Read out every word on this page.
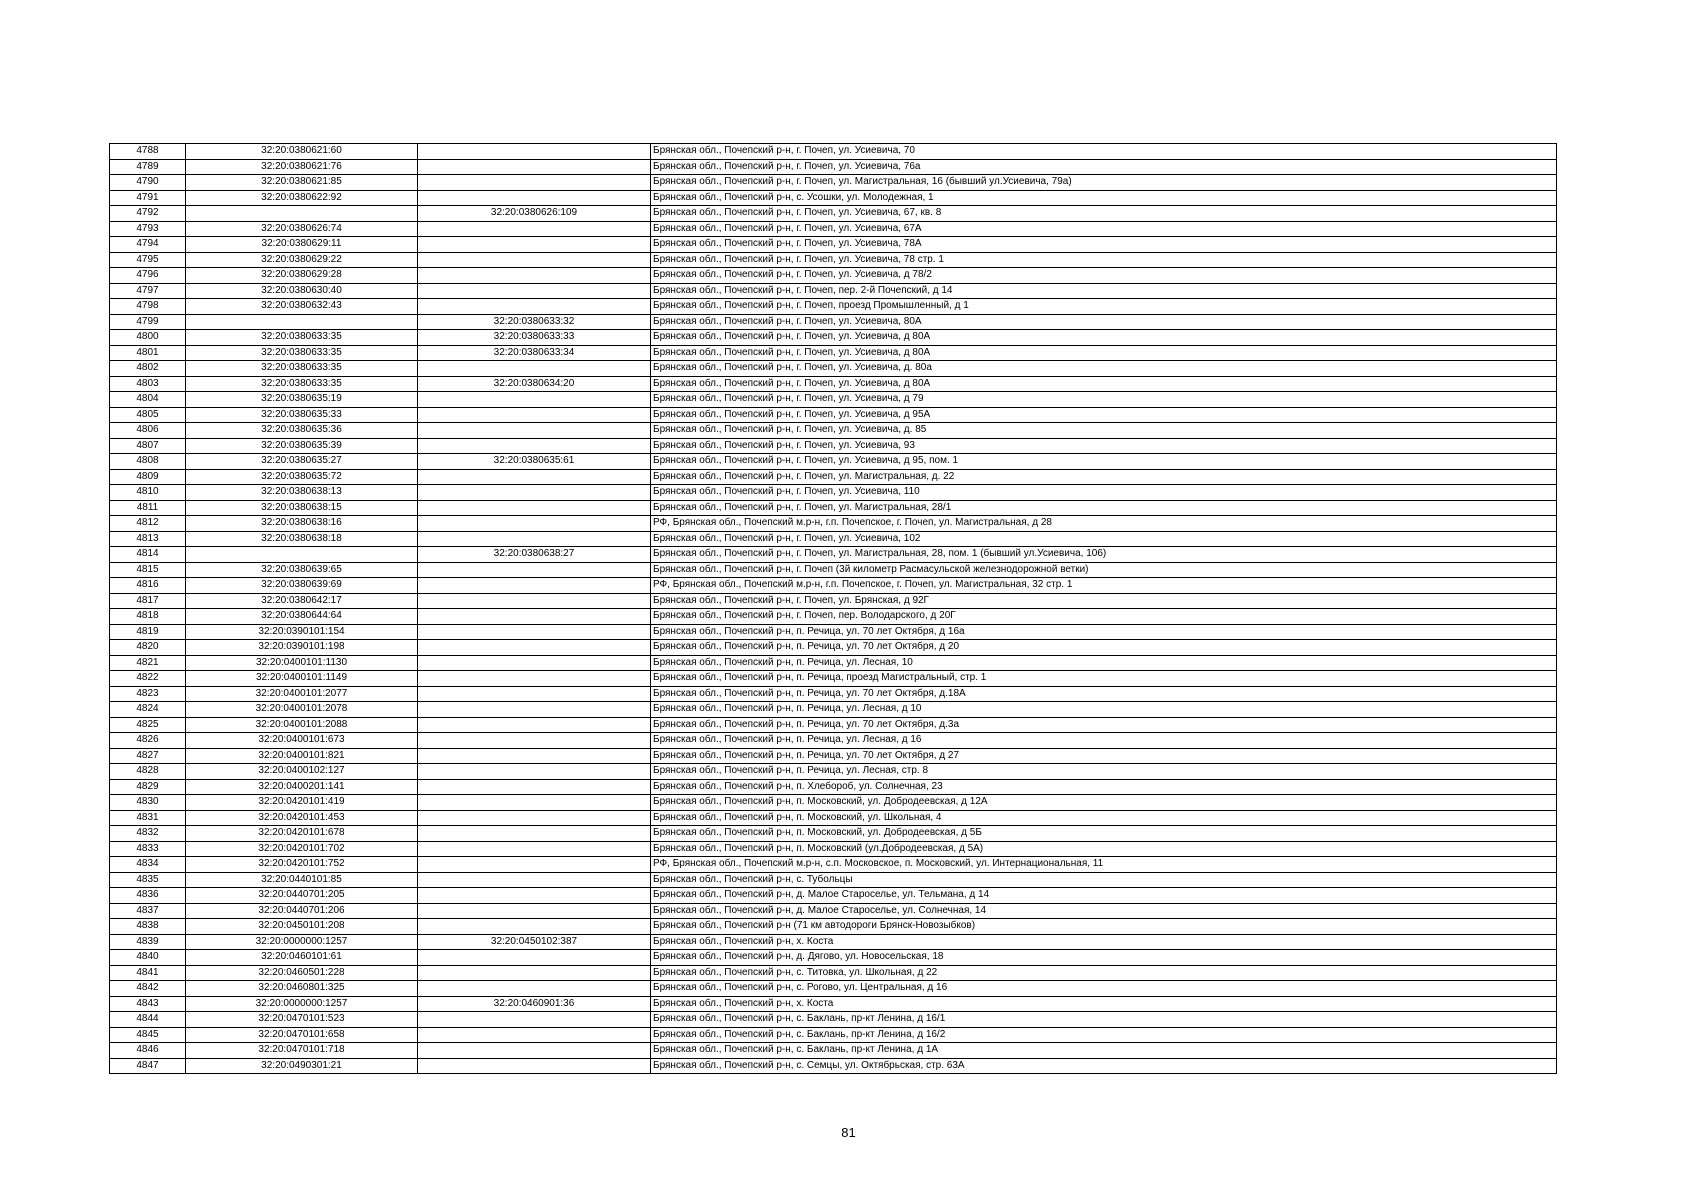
4788	32:20:0380621:60		Брянская обл., Почепский р-н, г. Почеп, ул. Усиевича, 70
4789	32:20:0380621:76		Брянская обл., Почепский р-н, г. Почеп, ул. Усиевича, 76а
4790	32:20:0380621:85		Брянская обл., Почепский р-н, г. Почеп, ул. Магистральная, 16 (бывший ул.Усиевича, 79а)
4791	32:20:0380622:92		Брянская обл., Почепский р-н, с. Усошки, ул. Молодежная, 1
4792		32:20:0380626:109	Брянская обл., Почепский р-н, г. Почеп, ул. Усиевича, 67, кв. 8
4793	32:20:0380626:74		Брянская обл., Почепский р-н, г. Почеп, ул. Усиевича, 67А
4794	32:20:0380629:11		Брянская обл., Почепский р-н, г. Почеп, ул. Усиевича, 78А
4795	32:20:0380629:22		Брянская обл., Почепский р-н, г. Почеп, ул. Усиевича, 78 стр. 1
4796	32:20:0380629:28		Брянская обл., Почепский р-н, г. Почеп, ул. Усиевича, д 78/2
4797	32:20:0380630:40		Брянская обл., Почепский р-н, г. Почеп, пер. 2-й Почепский, д 14
4798	32:20:0380632:43		Брянская обл., Почепский р-н, г. Почеп, проезд Промышленный, д 1
4799		32:20:0380633:32	Брянская обл., Почепский р-н, г. Почеп, ул. Усиевича, 80А
4800	32:20:0380633:35	32:20:0380633:33	Брянская обл., Почепский р-н, г. Почеп, ул. Усиевича, д 80А
4801	32:20:0380633:35	32:20:0380633:34	Брянская обл., Почепский р-н, г. Почеп, ул. Усиевича, д 80А
4802	32:20:0380633:35		Брянская обл., Почепский р-н, г. Почеп, ул. Усиевича, д. 80а
4803	32:20:0380633:35	32:20:0380634:20	Брянская обл., Почепский р-н, г. Почеп, ул. Усиевича, д 80А
4804	32:20:0380635:19		Брянская обл., Почепский р-н, г. Почеп, ул. Усиевича, д 79
4805	32:20:0380635:33		Брянская обл., Почепский р-н, г. Почеп, ул. Усиевича, д 95А
4806	32:20:0380635:36		Брянская обл., Почепский р-н, г. Почеп, ул. Усиевича, д. 85
4807	32:20:0380635:39		Брянская обл., Почепский р-н, г. Почеп, ул. Усиевича, 93
4808	32:20:0380635:27	32:20:0380635:61	Брянская обл., Почепский р-н, г. Почеп, ул. Усиевича, д 95, пом. 1
4809	32:20:0380635:72		Брянская обл., Почепский р-н, г. Почеп, ул. Магистральная, д. 22
4810	32:20:0380638:13		Брянская обл., Почепский р-н, г. Почеп, ул. Усиевича, 110
4811	32:20:0380638:15		Брянская обл., Почепский р-н, г. Почеп, ул. Магистральная, 28/1
4812	32:20:0380638:16		РФ, Брянская обл., Почепский м.р-н, г.п. Почепское, г. Почеп, ул. Магистральная, д 28
4813	32:20:0380638:18		Брянская обл., Почепский р-н, г. Почеп, ул. Усиевича, 102
4814		32:20:0380638:27	Брянская обл., Почепский р-н, г. Почеп, ул. Магистральная, 28, пом. 1 (бывший ул.Усиевича, 106)
4815	32:20:0380639:65		Брянская обл., Почепский р-н, г. Почеп (3й километр Расмасульской железнодорожной ветки)
4816	32:20:0380639:69		РФ, Брянская обл., Почепский м.р-н, г.п. Почепское, г. Почеп, ул. Магистральная, 32 стр. 1
4817	32:20:0380642:17		Брянская обл., Почепский р-н, г. Почеп, ул. Брянская, д 92Г
4818	32:20:0380644:64		Брянская обл., Почепский р-н, г. Почеп, пер. Володарского, д 20Г
4819	32:20:0390101:154		Брянская обл., Почепский р-н, п. Речица, ул. 70 лет Октября, д 16а
4820	32:20:0390101:198		Брянская обл., Почепский р-н, п. Речица, ул. 70 лет Октября, д 20
4821	32:20:0400101:1130		Брянская обл., Почепский р-н, п. Речица, ул. Лесная, 10
4822	32:20:0400101:1149		Брянская обл., Почепский р-н, п. Речица, проезд Магистральный, стр. 1
4823	32:20:0400101:2077		Брянская обл., Почепский р-н, п. Речица, ул. 70 лет Октября, д.18А
4824	32:20:0400101:2078		Брянская обл., Почепский р-н, п. Речица, ул. Лесная, д 10
4825	32:20:0400101:2088		Брянская обл., Почепский р-н, п. Речица, ул. 70 лет Октября, д.3а
4826	32:20:0400101:673		Брянская обл., Почепский р-н, п. Речица, ул. Лесная, д 16
4827	32:20:0400101:821		Брянская обл., Почепский р-н, п. Речица, ул. 70 лет Октября, д 27
4828	32:20:0400102:127		Брянская обл., Почепский р-н, п. Речица, ул. Лесная, стр. 8
4829	32:20:0400201:141		Брянская обл., Почепский р-н, п. Хлебороб, ул. Солнечная, 23
4830	32:20:0420101:419		Брянская обл., Почепский р-н, п. Московский, ул. Добродеевская, д 12А
4831	32:20:0420101:453		Брянская обл., Почепский р-н, п. Московский, ул. Школьная, 4
4832	32:20:0420101:678		Брянская обл., Почепский р-н, п. Московский, ул. Добродеевская, д 5Б
4833	32:20:0420101:702		Брянская обл., Почепский р-н, п. Московский (ул.Добродеевская, д 5А)
4834	32:20:0420101:752		РФ, Брянская обл., Почепский м.р-н, с.п. Московское, п. Московский, ул. Интернациональная, 11
4835	32:20:0440101:85		Брянская обл., Почепский р-н, с. Тубольцы
4836	32:20:0440701:205		Брянская обл., Почепский р-н, д. Малое Староселье, ул. Тельмана, д 14
4837	32:20:0440701:206		Брянская обл., Почепский р-н, д. Малое Староселье, ул. Солнечная, 14
4838	32:20:0450101:208		Брянская обл., Почепский р-н (71 км автодороги Брянск-Новозыбков)
4839	32:20:0000000:1257	32:20:0450102:387	Брянская обл., Почепский р-н, х. Коста
4840	32:20:0460101:61		Брянская обл., Почепский р-н, д. Дягово, ул. Новосельская, 18
4841	32:20:0460501:228		Брянская обл., Почепский р-н, с. Титовка, ул. Школьная, д 22
4842	32:20:0460801:325		Брянская обл., Почепский р-н, с. Рогово, ул. Центральная, д 16
4843	32:20:0000000:1257	32:20:0460901:36	Брянская обл., Почепский р-н, х. Коста
4844	32:20:0470101:523		Брянская обл., Почепский р-н, с. Баклань, пр-кт Ленина, д 16/1
4845	32:20:0470101:658		Брянская обл., Почепский р-н, с. Баклань, пр-кт Ленина, д 16/2
4846	32:20:0470101:718		Брянская обл., Почепский р-н, с. Баклань, пр-кт Ленина, д 1А
4847	32:20:0490301:21		Брянская обл., Почепский р-н, с. Семцы, ул. Октябрьская, стр. 63А
81
